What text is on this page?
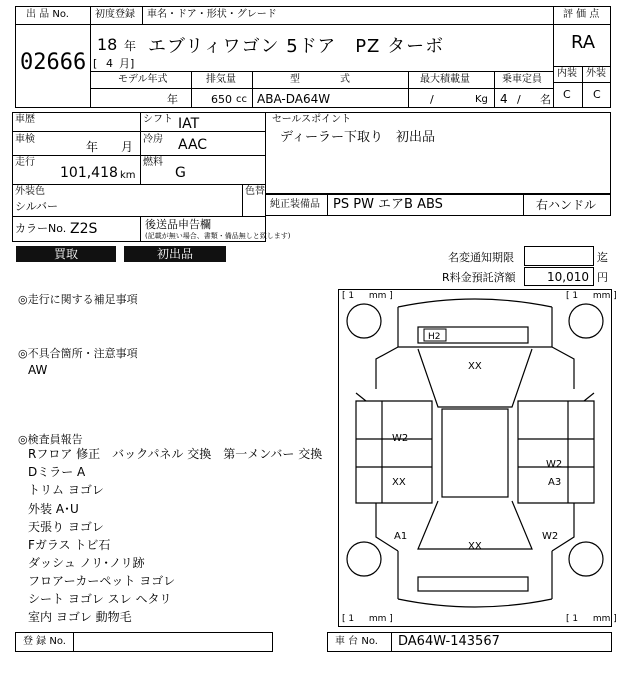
出 品 No.
02666
初度登録 車名・ドア・形状・グレード
18 年
[ 4 月]
エブリィワゴン 5ドア　PZ ターボ
評 価 点
RA
内装 外装
C C
モデル年式	排気量	型　　　　式	最大積載量	乗車定員
年	650 cc ABA-DA64W	/	Kg 4 / 名
車歴	シフト IAT
車検
年 月
冷房 AAC
走行
101,418 km
燃料
G
外装色
シルバー
色替
カラーNo. Z2S	後送品申告欄
(記載が無い場合、書類・備品無しと致します)
セールスポイント
ディーラー下取り　初出品
純正装備品 PS PW エアB ABS	右ハンドル
買取	初出品	名変通知期限	迄
R料金預託済額	10,010 円
◎走行に関する補足事項
◎不具合箇所・注意事項
AW
◎検査員報告
Rフロア 修正　バックパネル 交換　第一メンバー 交換
Dミラー A
トリム ヨゴレ
外装 A･U
天張り ヨゴレ
Fガラス トビ石
ダッシュ ノリ･ノリ跡
フロアーカーペット ヨゴレ
シート ヨゴレ スレ ヘタリ
室内 ヨゴレ 動物毛
[ 1 　 mm ]	[ 1 　 mm ]
[ 1 　 mm ]	[ 1 　 mm ]
H2
XX
W2
XX
W2
A3
A1
XX
W2
登 録 No.	車 台 No. DA64W-143567
